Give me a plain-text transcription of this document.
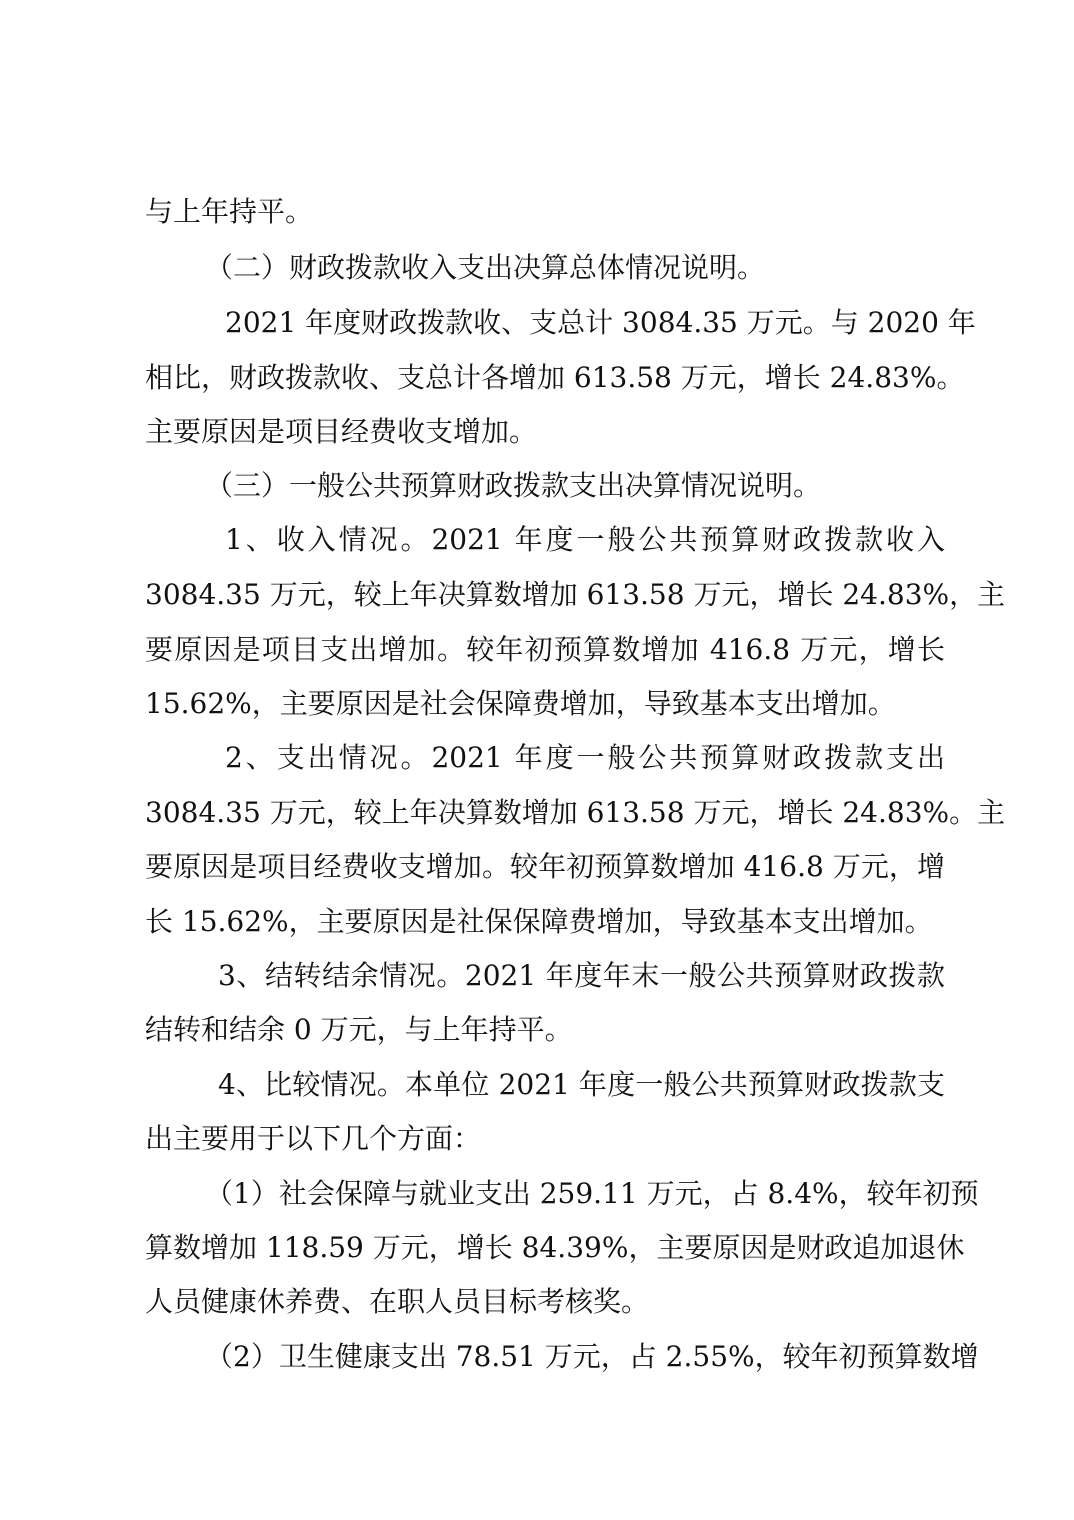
与上年持平。
（二）财政拨款收入支出决算总体情况说明。
2021 年度财政拨款收、支总计 3084.35 万元。与 2020 年
相比，财政拨款收、支总计各增加 613.58 万元，增长 24.83%。
主要原因是项目经费收支增加。
（三）一般公共预算财政拨款支出决算情况说明。
1、收入情况。2021 年度一般公共预算财政拨款收入
3084.35 万元，较上年决算数增加 613.58 万元，增长 24.83%，主
要原因是项目支出增加。较年初预算数增加 416.8 万元，增长
15.62%，主要原因是社会保障费增加，导致基本支出增加。
2、支出情况。2021 年度一般公共预算财政拨款支出
3084.35 万元，较上年决算数增加 613.58 万元，增长 24.83%。主
要原因是项目经费收支增加。较年初预算数增加 416.8 万元，增
长 15.62%，主要原因是社保保障费增加，导致基本支出增加。
3、结转结余情况。2021 年度年末一般公共预算财政拨款
结转和结余 0 万元，与上年持平。
4、比较情况。本单位 2021 年度一般公共预算财政拨款支
出主要用于以下几个方面：
（1）社会保障与就业支出 259.11 万元，占 8.4%，较年初预
算数增加 118.59 万元，增长 84.39%，主要原因是财政追加退休
人员健康休养费、在职人员目标考核奖。
（2）卫生健康支出 78.51 万元，占 2.55%，较年初预算数增
